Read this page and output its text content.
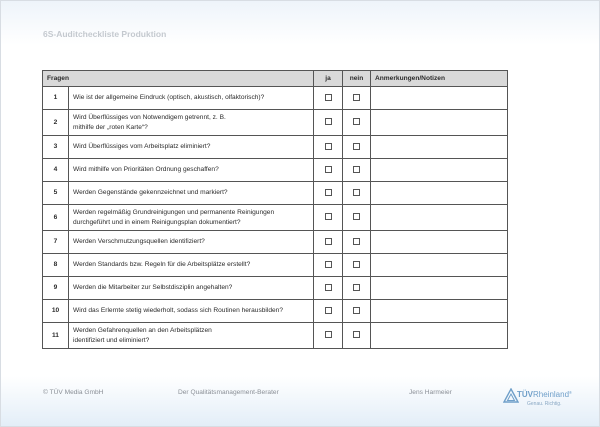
6S-Auditcheckliste Produktion
Fragen		ja	nein	Anmerkungen/Notizen
1	Wie ist der allgemeine Eindruck (optisch, akustisch, olfaktorisch)?			

2	Wird Überflüssiges von Notwendigem getrennt, z. B.
mithilfe der „roten Karte“?			

3	Wird Überflüssiges vom Arbeitsplatz eliminiert?			

4	Wird mithilfe von Prioritäten Ordnung geschaffen?			

5	Werden Gegenstände gekennzeichnet und markiert?			

6	Werden regelmäßig Grundreinigungen und permanente Reinigungen
durchgeführt und in einem Reinigungsplan dokumentiert?			

7	Werden Verschmutzungsquellen identifiziert?			

8	Werden Standards bzw. Regeln für die Arbeitsplätze erstellt?			

9	Werden die Mitarbeiter zur Selbstdisziplin angehalten?			

10	Wird das Erlernte stetig wiederholt, sodass sich Routinen herausbilden?			

11	Werden Gefahrenquellen an den Arbeitsplätzen
identifiziert und eliminiert?			

© TÜV Media GmbH	Der Qualitätsmanagement-Berater	Jens Harmeier	TÜVRheinland®
Genau. Richtig.
